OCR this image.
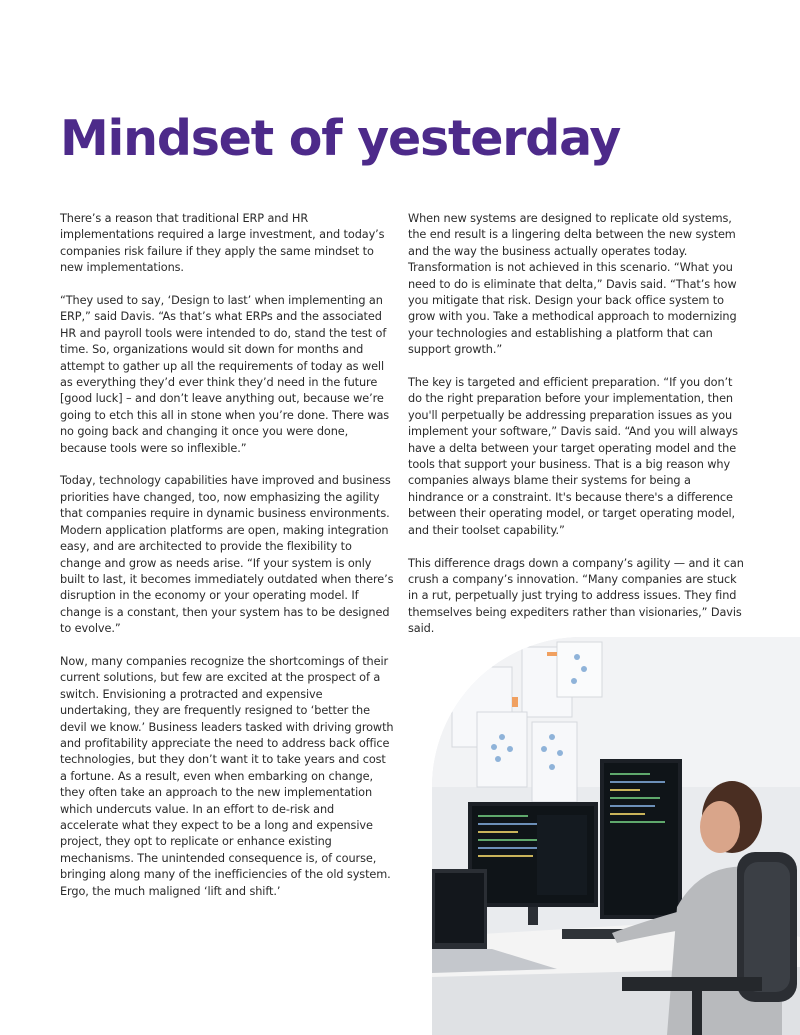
Mindset of yesterday

There’s a reason that traditional ERP and HR implementations required a large investment, and today’s companies risk failure if they apply the same mindset to new implementations.

“They used to say, ‘Design to last’ when implementing an ERP,” said Davis. “As that’s what ERPs and the associated HR and payroll tools were intended to do, stand the test of time. So, organizations would sit down for months and attempt to gather up all the requirements of today as well as everything they’d ever think they’d need in the future [good luck] – and don’t leave anything out, because we’re going to etch this all in stone when you’re done. There was no going back and changing it once you were done, because tools were so inflexible.”

Today, technology capabilities have improved and business priorities have changed, too, now emphasizing the agility that companies require in dynamic business environments. Modern application platforms are open, making integration easy, and are architected to provide the flexibility to change and grow as needs arise. “If your system is only built to last, it becomes immediately outdated when there’s disruption in the economy or your operating model. If change is a constant, then your system has to be designed to evolve.”

Now, many companies recognize the shortcomings of their current solutions, but few are excited at the prospect of a switch. Envisioning a protracted and expensive undertaking, they are frequently resigned to ‘better the devil we know.’ Business leaders tasked with driving growth and profitability appreciate the need to address back office technologies, but they don’t want it to take years and cost a fortune. As a result, even when embarking on change, they often take an approach to the new implementation which undercuts value. In an effort to de-risk and accelerate what they expect to be a long and expensive project, they opt to replicate or enhance existing mechanisms. The unintended consequence is, of course, bringing along many of the inefficiencies of the old system. Ergo, the much maligned ‘lift and shift.’

When new systems are designed to replicate old systems, the end result is a lingering delta between the new system and the way the business actually operates today. Transformation is not achieved in this scenario. “What you need to do is eliminate that delta,” Davis said. “That’s how you mitigate that risk. Design your back office system to grow with you. Take a methodical approach to modernizing your technologies and establishing a platform that can support growth.”

The key is targeted and efficient preparation. “If you don’t do the right preparation before your implementation, then you'll perpetually be addressing preparation issues as you implement your software,” Davis said. “And you will always have a delta between your target operating model and the tools that support your business. That is a big reason why companies always blame their systems for being a hindrance or a constraint. It's because there's a difference between their operating model, or target operating model, and their toolset capability.”

This difference drags down a company’s agility — and it can crush a company’s innovation. “Many companies are stuck in a rut, perpetually just trying to address issues. They find themselves being expediters rather than visionaries,” Davis said.
